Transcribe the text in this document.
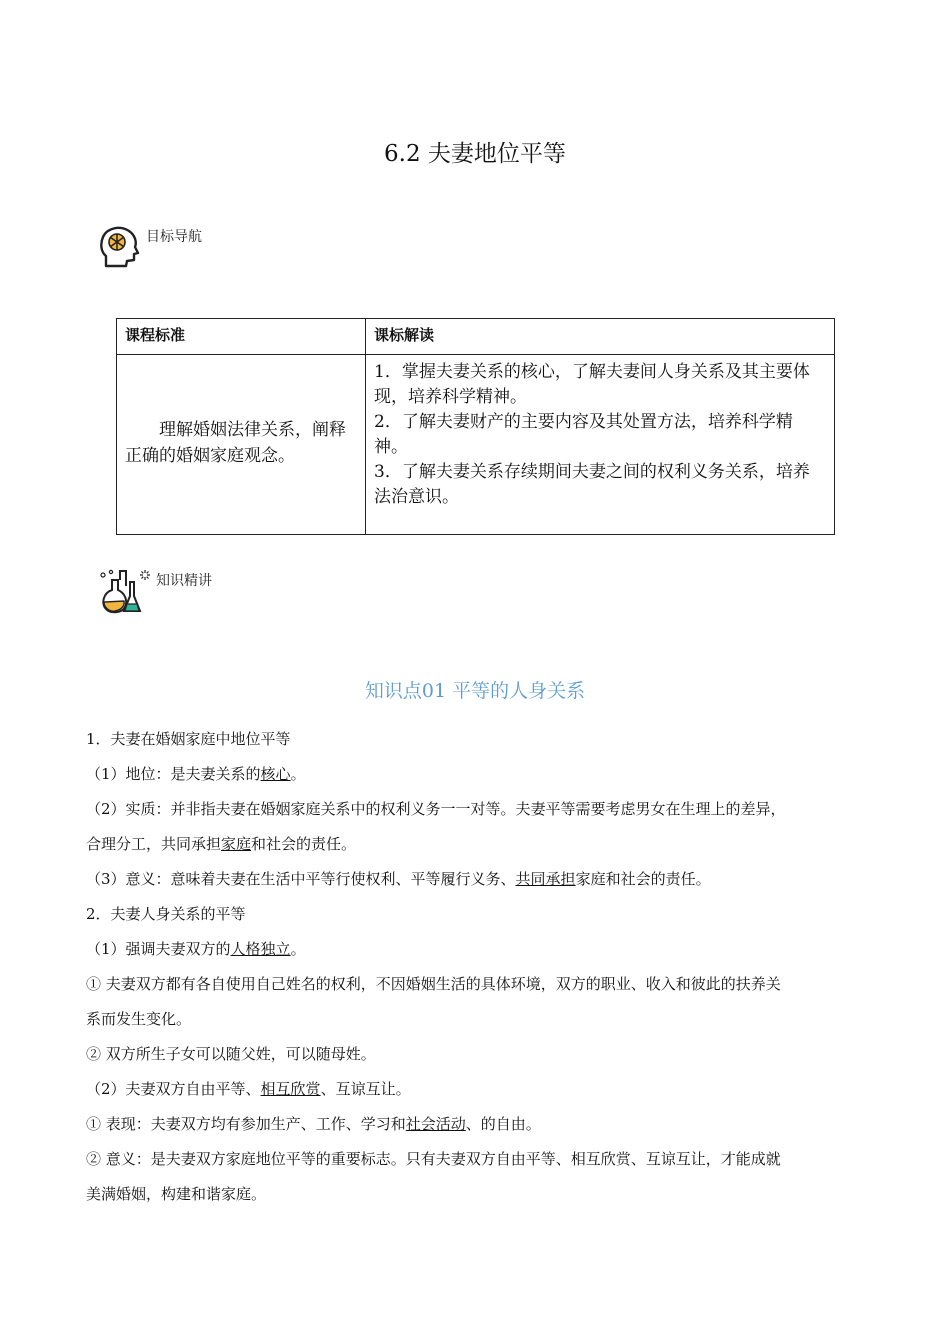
6.2 夫妻地位平等
目标导航
课程标准	课标解读
理解婚姻法律关系，阐释正确的婚姻家庭观念。	1．掌握夫妻关系的核心，了解夫妻间人身关系及其主要体现，培养科学精神。
2．了解夫妻财产的主要内容及其处置方法，培养科学精神。
3．了解夫妻关系存续期间夫妻之间的权利义务关系，培养法治意识。
知识精讲
知识点01 平等的人身关系

1．夫妻在婚姻家庭中地位平等

（1）地位：是夫妻关系的核心。

（2）实质：并非指夫妻在婚姻家庭关系中的权利义务一一对等。夫妻平等需要考虑男女在生理上的差异，

合理分工，共同承担家庭和社会的责任。

（3）意义：意味着夫妻在生活中平等行使权利、平等履行义务、共同承担家庭和社会的责任。

2．夫妻人身关系的平等

（1）强调夫妻双方的人格独立。

① 夫妻双方都有各自使用自己姓名的权利，不因婚姻生活的具体环境，双方的职业、收入和彼此的扶养关

系而发生变化。

② 双方所生子女可以随父姓，可以随母姓。

（2）夫妻双方自由平等、相互欣赏、互谅互让。

① 表现：夫妻双方均有参加生产、工作、学习和社会活动、的自由。

② 意义：是夫妻双方家庭地位平等的重要标志。只有夫妻双方自由平等、相互欣赏、互谅互让，才能成就

美满婚姻，构建和谐家庭。
